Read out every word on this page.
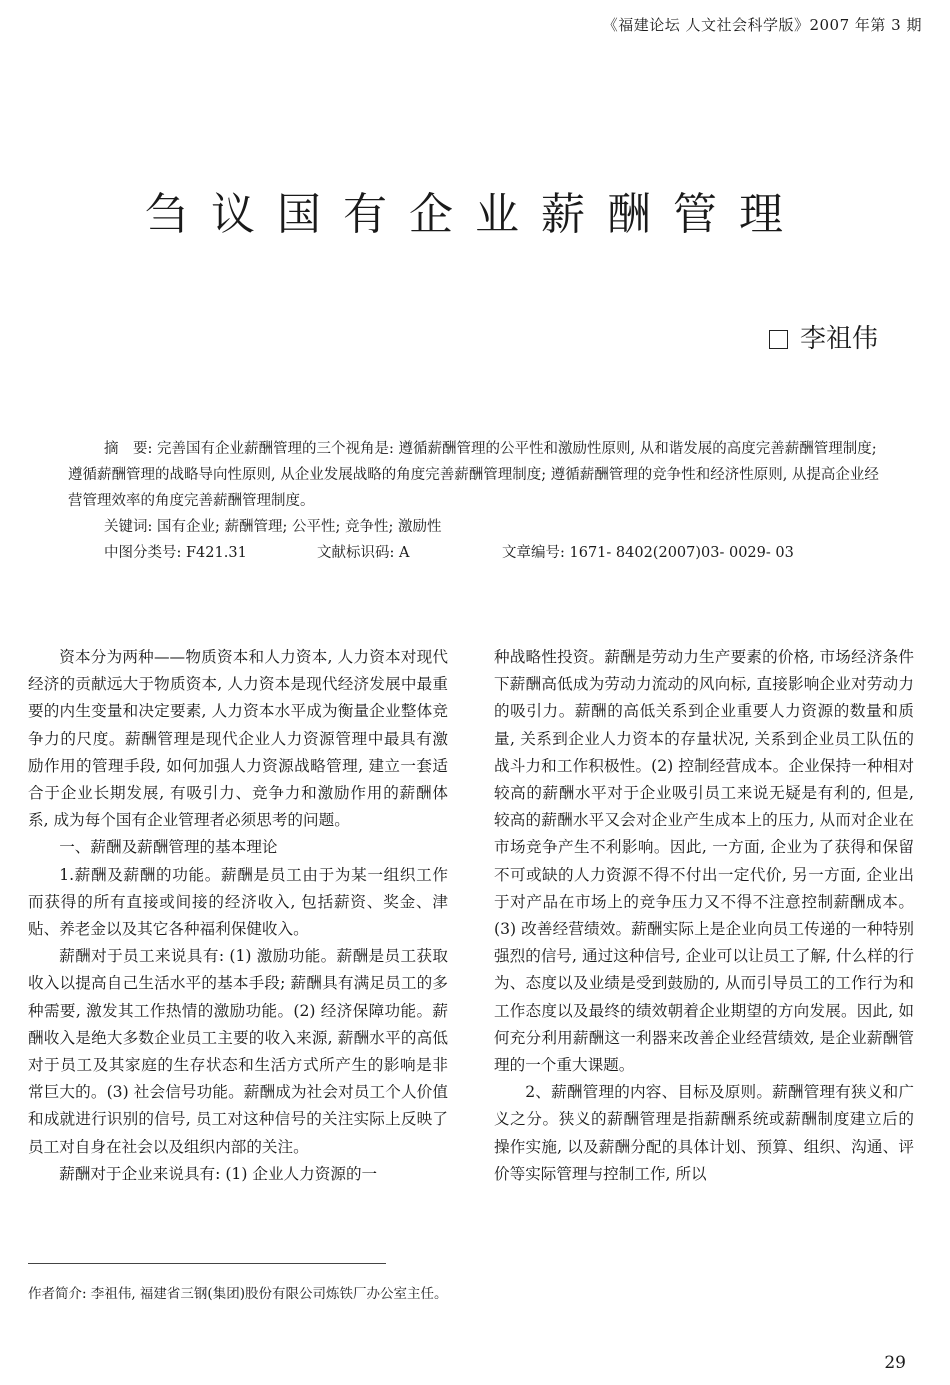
《福建论坛 人文社会科学版》2007 年第 3 期
刍议国有企业薪酬管理
李祖伟

摘　要: 完善国有企业薪酬管理的三个视角是: 遵循薪酬管理的公平性和激励性原则, 从和谐发展的高度完善薪酬管理制度; 遵循薪酬管理的战略导向性原则, 从企业发展战略的角度完善薪酬管理制度; 遵循薪酬管理的竞争性和经济性原则, 从提高企业经营管理效率的角度完善薪酬管理制度。

关键词: 国有企业; 薪酬管理; 公平性; 竞争性; 激励性

中图分类号: F421.31	文献标识码: A	文章编号: 1671- 8402(2007)03- 0029- 03

资本分为两种——物质资本和人力资本, 人力资本对现代经济的贡献远大于物质资本, 人力资本是现代经济发展中最重要的内生变量和决定要素, 人力资本水平成为衡量企业整体竞争力的尺度。薪酬管理是现代企业人力资源管理中最具有激励作用的管理手段, 如何加强人力资源战略管理, 建立一套适合于企业长期发展, 有吸引力、竞争力和激励作用的薪酬体系, 成为每个国有企业管理者必须思考的问题。

一、薪酬及薪酬管理的基本理论

1.薪酬及薪酬的功能。薪酬是员工由于为某一组织工作而获得的所有直接或间接的经济收入, 包括薪资、奖金、津贴、养老金以及其它各种福利保健收入。

薪酬对于员工来说具有: (1) 激励功能。薪酬是员工获取收入以提高自己生活水平的基本手段; 薪酬具有满足员工的多种需要, 激发其工作热情的激励功能。(2) 经济保障功能。薪酬收入是绝大多数企业员工主要的收入来源, 薪酬水平的高低对于员工及其家庭的生存状态和生活方式所产生的影响是非常巨大的。(3) 社会信号功能。薪酬成为社会对员工个人价值和成就进行识别的信号, 员工对这种信号的关注实际上反映了员工对自身在社会以及组织内部的关注。

薪酬对于企业来说具有: (1) 企业人力资源的一

种战略性投资。薪酬是劳动力生产要素的价格, 市场经济条件下薪酬高低成为劳动力流动的风向标, 直接影响企业对劳动力的吸引力。薪酬的高低关系到企业重要人力资源的数量和质量, 关系到企业人力资本的存量状况, 关系到企业员工队伍的战斗力和工作积极性。(2) 控制经营成本。企业保持一种相对较高的薪酬水平对于企业吸引员工来说无疑是有利的, 但是, 较高的薪酬水平又会对企业产生成本上的压力, 从而对企业在市场竞争产生不利影响。因此, 一方面, 企业为了获得和保留不可或缺的人力资源不得不付出一定代价, 另一方面, 企业出于对产品在市场上的竞争压力又不得不注意控制薪酬成本。(3) 改善经营绩效。薪酬实际上是企业向员工传递的一种特别强烈的信号, 通过这种信号, 企业可以让员工了解, 什么样的行为、态度以及业绩是受到鼓励的, 从而引导员工的工作行为和工作态度以及最终的绩效朝着企业期望的方向发展。因此, 如何充分利用薪酬这一利器来改善企业经营绩效, 是企业薪酬管理的一个重大课题。

2、薪酬管理的内容、目标及原则。薪酬管理有狭义和广义之分。狭义的薪酬管理是指薪酬系统或薪酬制度建立后的操作实施, 以及薪酬分配的具体计划、预算、组织、沟通、评价等实际管理与控制工作, 所以

作者简介: 李祖伟, 福建省三钢(集团)股份有限公司炼铁厂办公室主任。
29
